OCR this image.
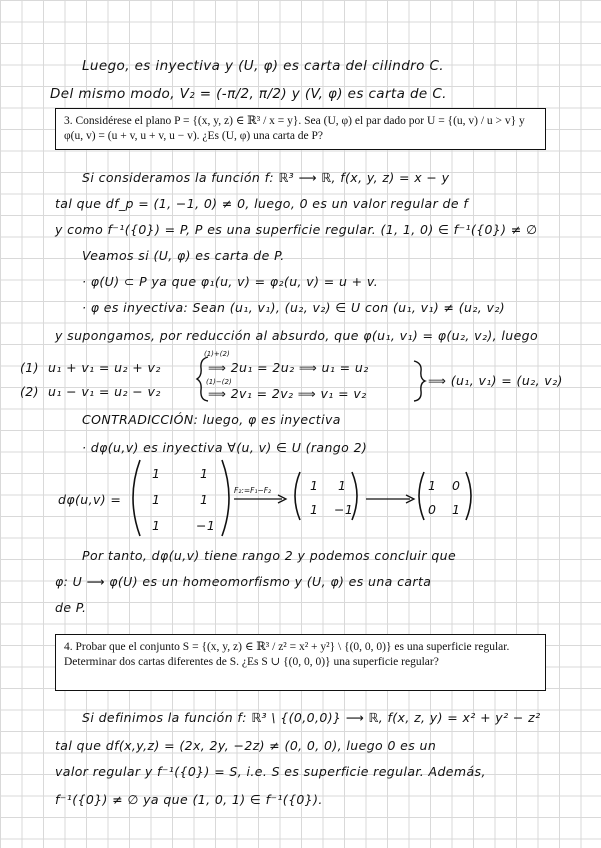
Luego, es inyectiva y (U, φ) es carta del cilindro C.
Del mismo modo, V₂ = (-π/2, π/2) y (V, φ) es carta de C.

3. Considérese el plano P = {(x, y, z) ∈ ℝ³ / x = y}. Sea (U, φ) el par dado por U = {(u, v) / u > v} y φ(u, v) = (u + v, u + v, u − v). ¿Es (U, φ) una carta de P?

Si consideramos la función f: ℝ³ ⟶ ℝ, f(x, y, z) = x − y
tal que df_p = (1, −1, 0) ≠ 0, luego, 0 es un valor regular de f
y como f⁻¹({0}) = P, P es una superficie regular. (1, 1, 0) ∈ f⁻¹({0}) ≠ ∅
Veamos si (U, φ) es carta de P.
· φ(U) ⊂ P ya que φ₁(u, v) = φ₂(u, v) = u + v.
· φ es inyectiva: Sean (u₁, v₁), (u₂, v₂) ∈ U con (u₁, v₁) ≠ (u₂, v₂)
y supongamos, por reducción al absurdo, que φ(u₁, v₁) = φ(u₂, v₂), luego
(1)+(2)
(1) u₁ + v₁ = u₂ + v₂
(2) u₁ − v₁ = u₂ − v₂
⟹ 2u₁ = 2u₂ ⟹ u₁ = u₂
(1)−(2)
⟹ 2v₁ = 2v₂ ⟹ v₁ = v₂
⟹ (u₁, v₁) = (u₂, v₂)
CONTRADICCIÓN: luego, φ es inyectiva
· dφ(u,v) es inyectiva ∀(u, v) ∈ U (rango 2)
dφ(u,v) =
1	1
1	1
1	−1
F₂:=F₁−F₂	1 1
1 −1
1 0
0 1
Por tanto, dφ(u,v) tiene rango 2 y podemos concluir que
φ: U ⟶ φ(U) es un homeomorfismo y (U, φ) es una carta
de P.

4. Probar que el conjunto S = {(x, y, z) ∈ ℝ³ / z² = x² + y²} \ {(0, 0, 0)} es una superficie regular. Determinar dos cartas diferentes de S. ¿Es S ∪ {(0, 0, 0)} una superficie regular?

Si definimos la función f: ℝ³ \ {(0,0,0)} ⟶ ℝ, f(x, z, y) = x² + y² − z²
tal que df(x,y,z) = (2x, 2y, −2z) ≠ (0, 0, 0), luego 0 es un
valor regular y f⁻¹({0}) = S, i.e. S es superficie regular. Además,
f⁻¹({0}) ≠ ∅ ya que (1, 0, 1) ∈ f⁻¹({0}).
